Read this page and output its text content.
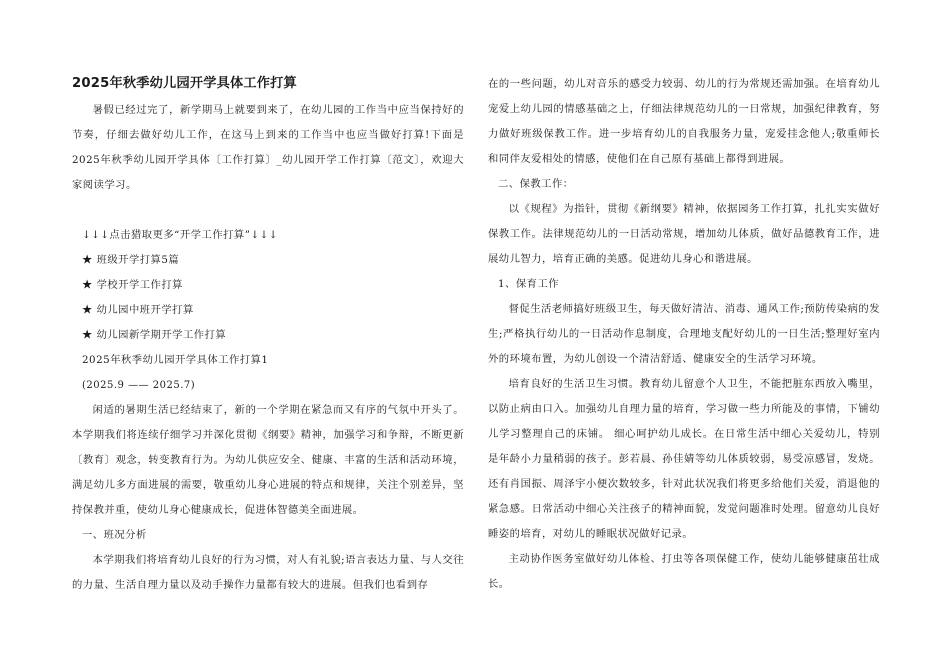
2025年秋季幼儿园开学具体工作打算

暑假已经过完了，新学期马上就要到来了，在幼儿园的工作当中应当保持好的节奏，仔细去做好幼儿工作，在这马上到来的工作当中也应当做好打算!下面是2025年秋季幼儿园开学具体〔工作打算〕_幼儿园开学工作打算〔范文〕，欢迎大家阅读学习。

↓↓↓点击猎取更多“开学工作打算”↓↓↓

★ 班级开学打算5篇

★ 学校开学工作打算

★ 幼儿园中班开学打算

★ 幼儿园新学期开学工作打算

2025年秋季幼儿园开学具体工作打算1

(2025.9 —— 2025.7)

闲适的暑期生活已经结束了，新的一个学期在紧急而又有序的气氛中开头了。本学期我们将连续仔细学习并深化贯彻《纲要》精神，加强学习和争辩，不断更新〔教育〕观念，转变教育行为。为幼儿供应安全、健康、丰富的生活和活动环境，满足幼儿多方面进展的需要，敬重幼儿身心进展的特点和规律，关注个别差异，坚持保教并重，使幼儿身心健康成长，促进体智德美全面进展。

一、班况分析

本学期我们将培育幼儿良好的行为习惯，对人有礼貌;语言表达力量、与人交往的力量、生活自理力量以及动手操作力量都有较大的进展。但我们也看到存

在的一些问题，幼儿对音乐的感受力较弱、幼儿的行为常规还需加强。在培育幼儿宠爱上幼儿园的情感基础之上，仔细法律规范幼儿的一日常规，加强纪律教育，努力做好班级保教工作。进一步培育幼儿的自我服务力量，宠爱挂念他人;敬重师长和同伴友爱相处的情感，使他们在自己原有基础上都得到进展。

二、保教工作：

以《规程》为指针，贯彻《新纲要》精神，依据园务工作打算，扎扎实实做好保教工作。法律规范幼儿的一日活动常规，增加幼儿体质，做好品德教育工作，进展幼儿智力，培育正确的美感。促进幼儿身心和谐进展。

1、保育工作

督促生活老师搞好班级卫生，每天做好清洁、消毒、通风工作;预防传染病的发生;严格执行幼儿的一日活动作息制度，合理地支配好幼儿的一日生活;整理好室内外的环境布置，为幼儿创设一个清洁舒适、健康安全的生活学习环境。

培育良好的生活卫生习惯。教育幼儿留意个人卫生，不能把脏东西放入嘴里，以防止病由口入。加强幼儿自理力量的培育，学习做一些力所能及的事情，下铺幼儿学习整理自己的床铺。 细心呵护幼儿成长。在日常生活中细心关爱幼儿，特别是年龄小力量稍弱的孩子。彭若晨、孙佳婧等幼儿体质较弱，易受凉感冒，发烧。还有肖国振、周泽宇小便次数较多，针对此状况我们将更多给他们关爱，消退他的紧急感。日常活动中细心关注孩子的精神面貌，发觉问题准时处理。留意幼儿良好睡姿的培育，对幼儿的睡眠状况做好记录。

主动协作医务室做好幼儿体检、打虫等各项保健工作，使幼儿能够健康茁壮成长。
